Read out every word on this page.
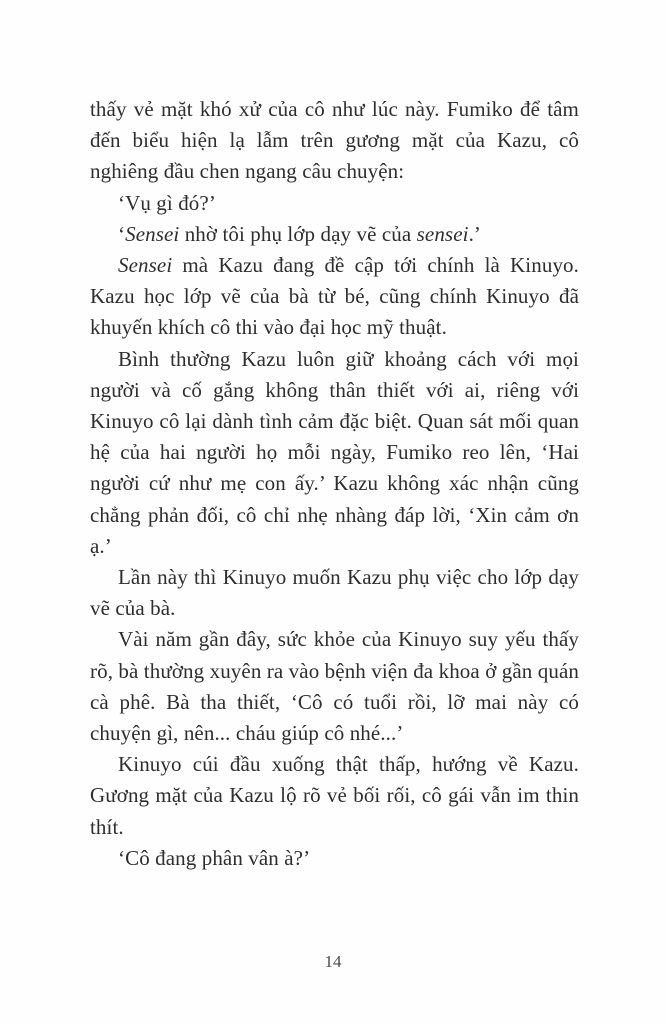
thấy vẻ mặt khó xử của cô như lúc này. Fumiko để tâm đến biểu hiện lạ lẫm trên gương mặt của Kazu, cô nghiêng đầu chen ngang câu chuyện:

‘Vụ gì đó?’

‘Sensei nhờ tôi phụ lớp dạy vẽ của sensei.’

Sensei mà Kazu đang đề cập tới chính là Kinuyo. Kazu học lớp vẽ của bà từ bé, cũng chính Kinuyo đã khuyến khích cô thi vào đại học mỹ thuật.

Bình thường Kazu luôn giữ khoảng cách với mọi người và cố gắng không thân thiết với ai, riêng với Kinuyo cô lại dành tình cảm đặc biệt. Quan sát mối quan hệ của hai người họ mỗi ngày, Fumiko reo lên, ‘Hai người cứ như mẹ con ấy.’ Kazu không xác nhận cũng chẳng phản đối, cô chỉ nhẹ nhàng đáp lời, ‘Xin cảm ơn ạ.’

Lần này thì Kinuyo muốn Kazu phụ việc cho lớp dạy vẽ của bà.

Vài năm gần đây, sức khỏe của Kinuyo suy yếu thấy rõ, bà thường xuyên ra vào bệnh viện đa khoa ở gần quán cà phê. Bà tha thiết, ‘Cô có tuổi rồi, lỡ mai này có chuyện gì, nên... cháu giúp cô nhé...’

Kinuyo cúi đầu xuống thật thấp, hướng về Kazu. Gương mặt của Kazu lộ rõ vẻ bối rối, cô gái vẫn im thin thít.

‘Cô đang phân vân à?’

14
